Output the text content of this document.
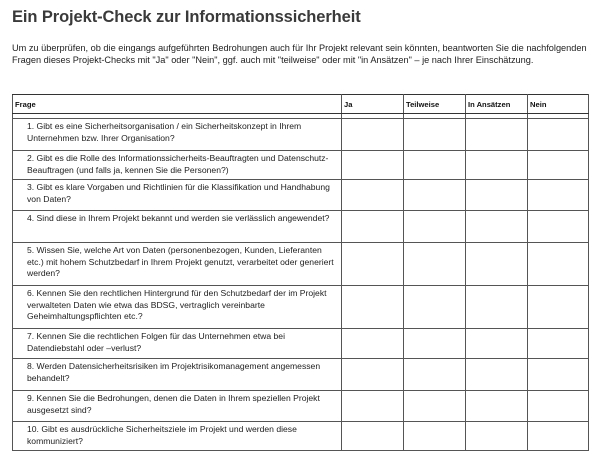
Ein Projekt-Check zur Informationssicherheit
Um zu überprüfen, ob die eingangs aufgeführten Bedrohungen auch für Ihr Projekt relevant sein könnten, beantworten Sie die nachfolgenden Fragen dieses Projekt-Checks mit "Ja" oder "Nein", ggf. auch mit "teilweise" oder mit "in Ansätzen" – je nach Ihrer Einschätzung.
Frage	Ja	Teilweise	In Ansätzen	Nein

1. Gibt es eine Sicherheitsorganisation / ein Sicherheitskonzept in Ihrem Unternehmen bzw. Ihrer Organisation?				
2. Gibt es die Rolle des Informationssicherheits-Beauftragten und Datenschutz-Beauftragen (und falls ja, kennen Sie die Personen?)				
3. Gibt es klare Vorgaben und Richtlinien für die Klassifikation und Handhabung von Daten?				
4. Sind diese in Ihrem Projekt bekannt und werden sie verlässlich angewendet?				
5. Wissen Sie, welche Art von Daten (personenbezogen, Kunden, Lieferanten etc.) mit hohem Schutzbedarf in Ihrem Projekt genutzt, verarbeitet oder generiert werden?				
6. Kennen Sie den rechtlichen Hintergrund für den Schutzbedarf der im Projekt verwalteten Daten wie etwa das BDSG, vertraglich vereinbarte Geheimhaltungspflichten etc.?				
7. Kennen Sie die rechtlichen Folgen für das Unternehmen etwa bei Datendiebstahl oder –verlust?				
8. Werden Datensicherheitsrisiken im Projektrisikomanagement angemessen behandelt?				
9. Kennen Sie die Bedrohungen, denen die Daten in Ihrem speziellen Projekt ausgesetzt sind?				
10. Gibt es ausdrückliche Sicherheitsziele im Projekt und werden diese kommuniziert?				
